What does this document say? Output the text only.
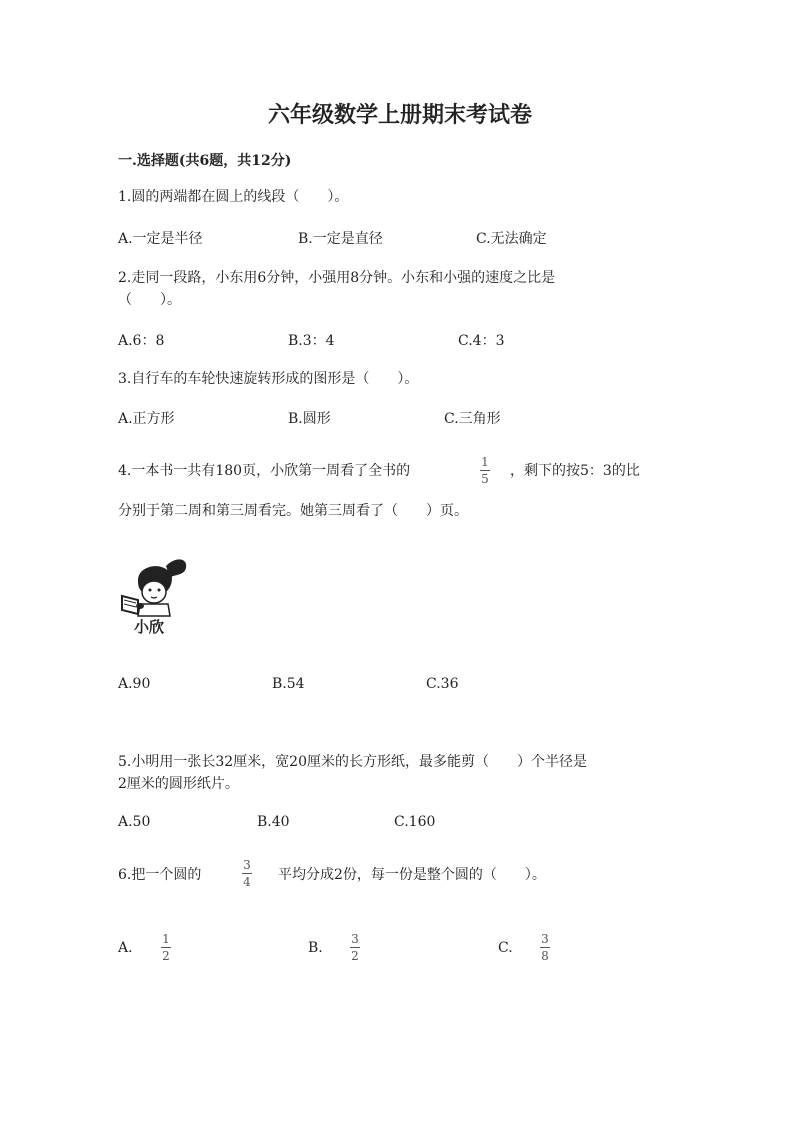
六年级数学上册期末考试卷
一.选择题(共6题，共12分)
1.圆的两端都在圆上的线段（　　）。
A.一定是半径	B.一定是直径	C.无法确定
2.走同一段路，小东用6分钟，小强用8分钟。小东和小强的速度之比是
（　　）。
A.6：8	B.3：4	C.4：3
3.自行车的车轮快速旋转形成的图形是（　　）。
A.正方形	B.圆形	C.三角形
4.一本书一共有180页，小欣第一周看了全书的
1
5 ，剩下的按5：3的比
分别于第二周和第三周看完。她第三周看了（　　）页。
小欣
A.90	B.54	C.36
5.小明用一张长32厘米，宽20厘米的长方形纸，最多能剪（　　）个半径是
2厘米的圆形纸片。
A.50	B.40	C.160
6.把一个圆的
3
4 平均分成2份，每一份是整个圆的（　　）。
A.
1
2	B.
3
2	C.
3
8
